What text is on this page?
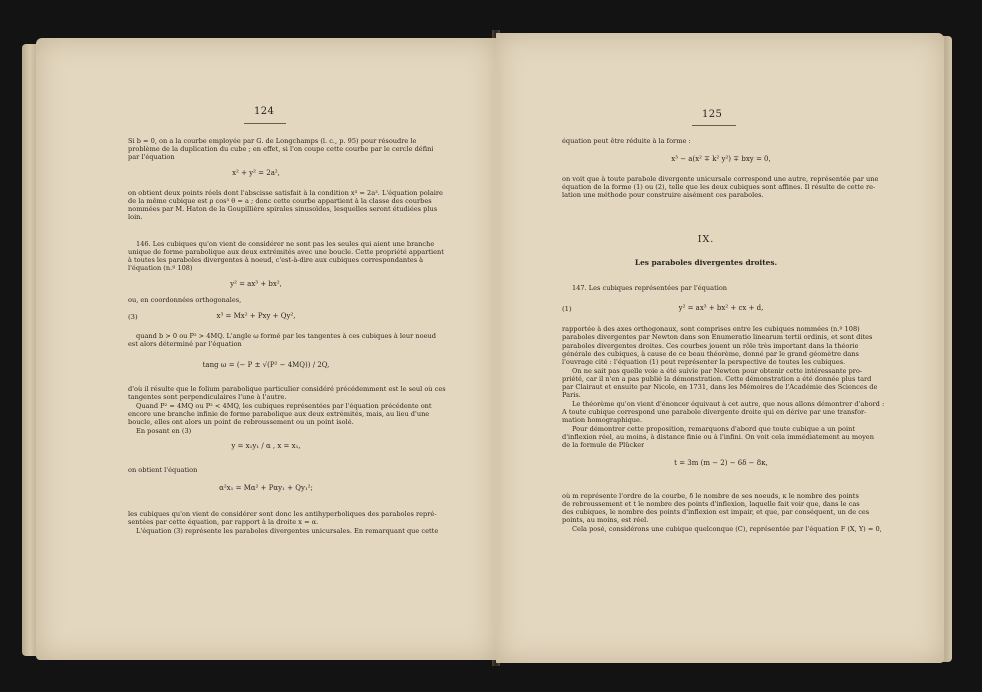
124
Si b = 0, on a la courbe employée par G. de Longchamps (l. c., p. 95) pour résoudre le
problème de la duplication du cube ; en effet, si l'on coupe cette courbe par le cercle défini
par l'équation
x² + y² = 2a²,
on obtient deux points réels dont l'abscisse satisfait à la condition x³ = 2a³. L'équation polaire
de la même cubique est ρ cos³ θ = a ; donc cette courbe appartient à la classe des courbes
nommées par M. Haton de la Goupillière spirales sinusoïdes, lesquelles seront étudiées plus
loin.
146. Les cubiques qu'on vient de considérer ne sont pas les seules qui aient une branche
unique de forme parabolique aux deux extrémités avec une boucle. Cette propriété appartient
à toutes les paraboles divergentes à noeud, c'est-à-dire aux cubiques correspondantes à
l'équation (n.º 108)
y² = ax³ + bx²,
ou, en coordonnées orthogonales,
(3)	x³ = Mx² + Pxy + Qy²,
quand b > 0 ou P² > 4MQ. L'angle ω formé par les tangentes à ces cubiques à leur noeud
est alors déterminé par l'équation
tang ω = (− P ± √(P² − 4MQ)) / 2Q,
d'où il résulte que le folium parabolique particulier considéré précédemment est le seul où ces
tangentes sont perpendiculaires l'une à l'autre.
Quand P² = 4MQ ou P² < 4MQ, les cubiques représentées par l'équation précédente ont
encore une branche infinie de forme parabolique aux deux extrémités, mais, au lieu d'une
boucle, elles ont alors un point de rebroussement ou un point isolé.
En posant en (3)
y = x₁y₁ / α , x = x₁,
on obtient l'équation
α²x₁ = Mα² + Pαy₁ + Qy₁²;
les cubiques qu'on vient de considérer sont donc les antihyperboliques des paraboles repré-
sentées par cette équation, par rapport à la droite x = α.
L'équation (3) représente les paraboles divergentes unicursales. En remarquant que cette
125
équation peut être réduite à la forme :
x³ − a(x² ∓ k² y²) ∓ bxy = 0,
on voit que à toute parabole divergente unicursale correspond une autre, représentée par une
équation de la forme (1) ou (2), telle que les deux cubiques sont affines. Il résulte de cette re-
lation une méthode pour construire aisément ces paraboles.
IX.
Les paraboles divergentes droites.
147. Les cubiques représentées par l'équation
(1)	y² = ax³ + bx² + cx + d,
rapportée à des axes orthogonaux, sont comprises entre les cubiques nommées (n.º 108)
paraboles divergentes par Newton dans son Enumeratio linearum tertii ordinis, et sont dites
paraboles divergentes droites. Ces courbes jouent un rôle très important dans la théorie
générale des cubiques, à cause de ce beau théorème, donné par le grand géomètre dans
l'ouvrage cité : l'équation (1) peut représenter la perspective de toutes les cubiques.
On ne sait pas quelle voie a été suivie par Newton pour obtenir cette intéressante pro-
priété, car il n'en a pas publié la démonstration. Cette démonstration a été donnée plus tard
par Clairaut et ensuite par Nicole, en 1731, dans les Mémoires de l'Académie des Sciences de
Paris.
Le théorème qu'on vient d'énoncer équivaut à cet autre, que nous allons démontrer d'abord :
A toute cubique correspond une parabole divergente droite qui en dérive par une transfor-
mation homographique.
Pour démontrer cette proposition, remarquons d'abord que toute cubique a un point
d'inflexion réel, au moins, à distance finie ou à l'infini. On voit cela immédiatement au moyen
de la formule de Plücker
t = 3m (m − 2) − 6δ − 8κ,
où m représente l'ordre de la courbe, δ le nombre de ses noeuds, κ le nombre des points
de rebroussement et t le nombre des points d'inflexion, laquelle fait voir que, dans le cas
des cubiques, le nombre des points d'inflexion est impair, et que, par conséquent, un de ces
points, au moins, est réel.
Cela posé, considérons une cubique quelconque (C), représentée par l'équation F (X, Y) = 0,
